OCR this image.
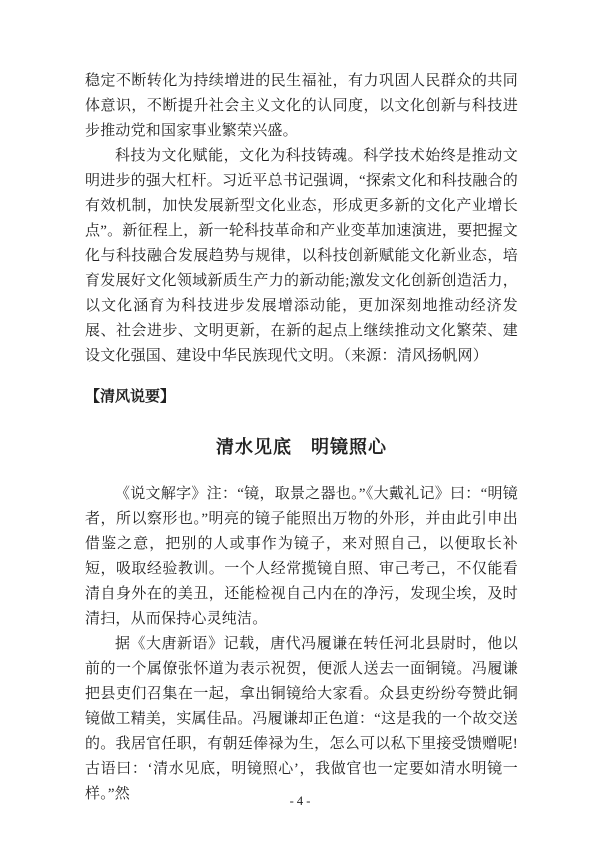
稳定不断转化为持续增进的民生福祉，有力巩固人民群众的共同体意识，不断提升社会主义文化的认同度，以文化创新与科技进步推动党和国家事业繁荣兴盛。

科技为文化赋能，文化为科技铸魂。科学技术始终是推动文明进步的强大杠杆。习近平总书记强调，“探索文化和科技融合的有效机制，加快发展新型文化业态，形成更多新的文化产业增长点”。新征程上，新一轮科技革命和产业变革加速演进，要把握文化与科技融合发展趋势与规律，以科技创新赋能文化新业态，培育发展好文化领域新质生产力的新动能;激发文化创新创造活力，以文化涵育为科技进步发展增添动能，更加深刻地推动经济发展、社会进步、文明更新，在新的起点上继续推动文化繁荣、建设文化强国、建设中华民族现代文明。（来源：清风扬帆网）

【清风说要】

清水见底　明镜照心

《说文解字》注：“镜，取景之器也。”《大戴礼记》曰：“明镜者，所以察形也。”明亮的镜子能照出万物的外形，并由此引申出借鉴之意，把别的人或事作为镜子，来对照自己，以便取长补短，吸取经验教训。一个人经常揽镜自照、审己考己，不仅能看清自身外在的美丑，还能检视自己内在的净污，发现尘埃，及时清扫，从而保持心灵纯洁。

据《大唐新语》记载，唐代冯履谦在转任河北县尉时，他以前的一个属僚张怀道为表示祝贺，便派人送去一面铜镜。冯履谦把县吏们召集在一起，拿出铜镜给大家看。众县吏纷纷夸赞此铜镜做工精美，实属佳品。冯履谦却正色道：“这是我的一个故交送的。我居官任职，有朝廷俸禄为生，怎么可以私下里接受馈赠呢!古语曰：‘清水见底，明镜照心’，我做官也一定要如清水明镜一样。”然	- 4 -
